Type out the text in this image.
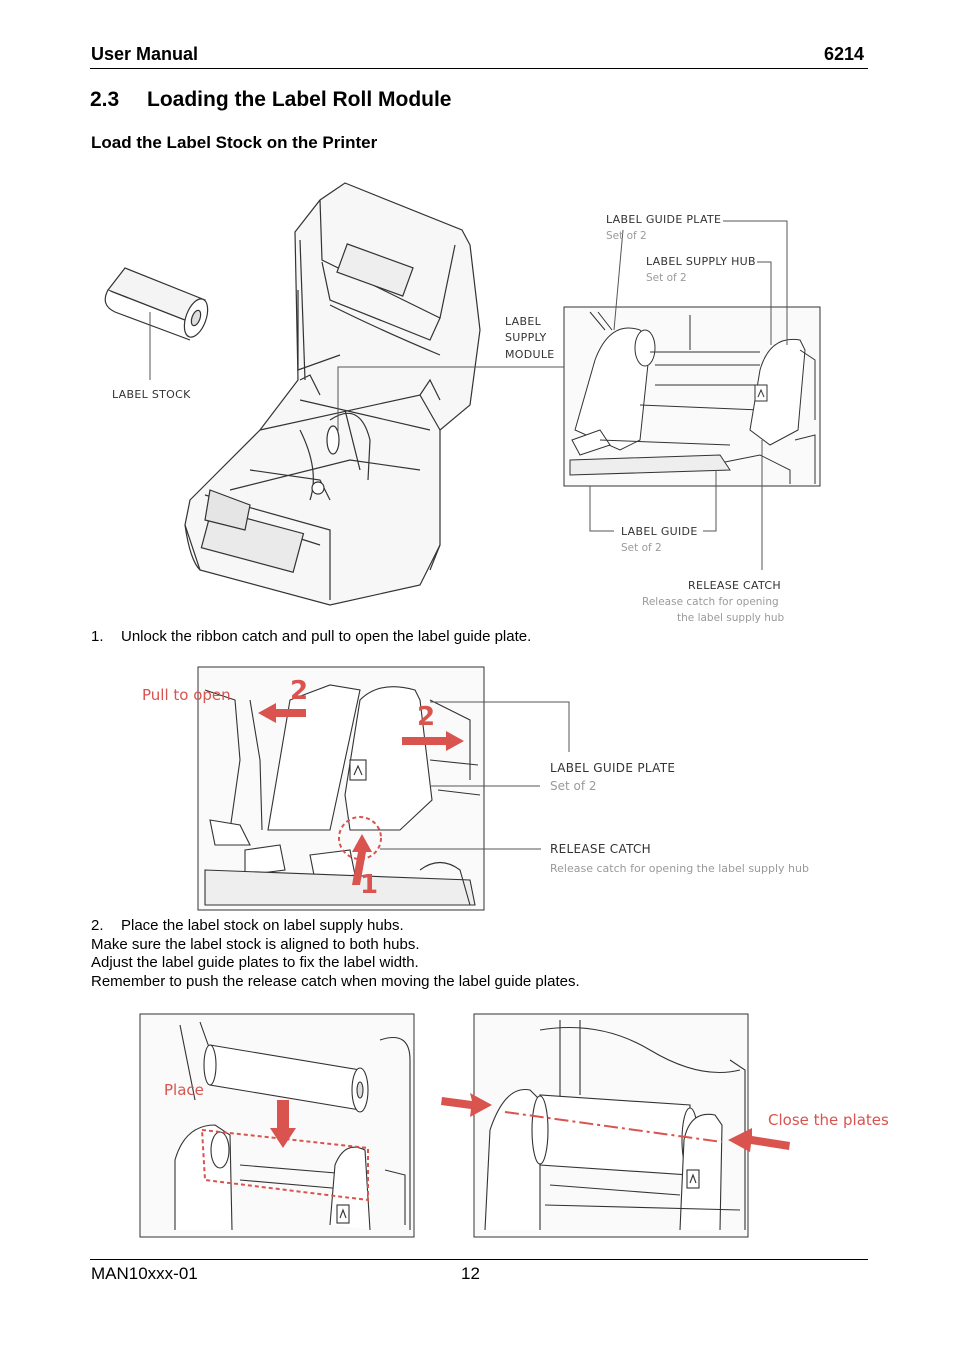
User Manual	6214
2.3 Loading the Label Roll Module
Load the Label Stock on the Printer
LABEL STOCK
LABEL
SUPPLY
MODULE
LABEL GUIDE PLATE
Set of 2
LABEL SUPPLY HUB
Set of 2
LABEL GUIDE
Set of 2
RELEASE CATCH
Release catch for opening
the label supply hub
1. Unlock the ribbon catch and pull to open the label guide plate.
Pull to open 2
2
1
LABEL GUIDE PLATE
Set of 2
RELEASE CATCH
Release catch for opening the label supply hub
2. Place the label stock on label supply hubs.
Make sure the label stock is aligned to both hubs.
Adjust the label guide plates to fix the label width.
Remember to push the release catch when moving the label guide plates.
Place
Close the plates
MAN10xxx-01	12
